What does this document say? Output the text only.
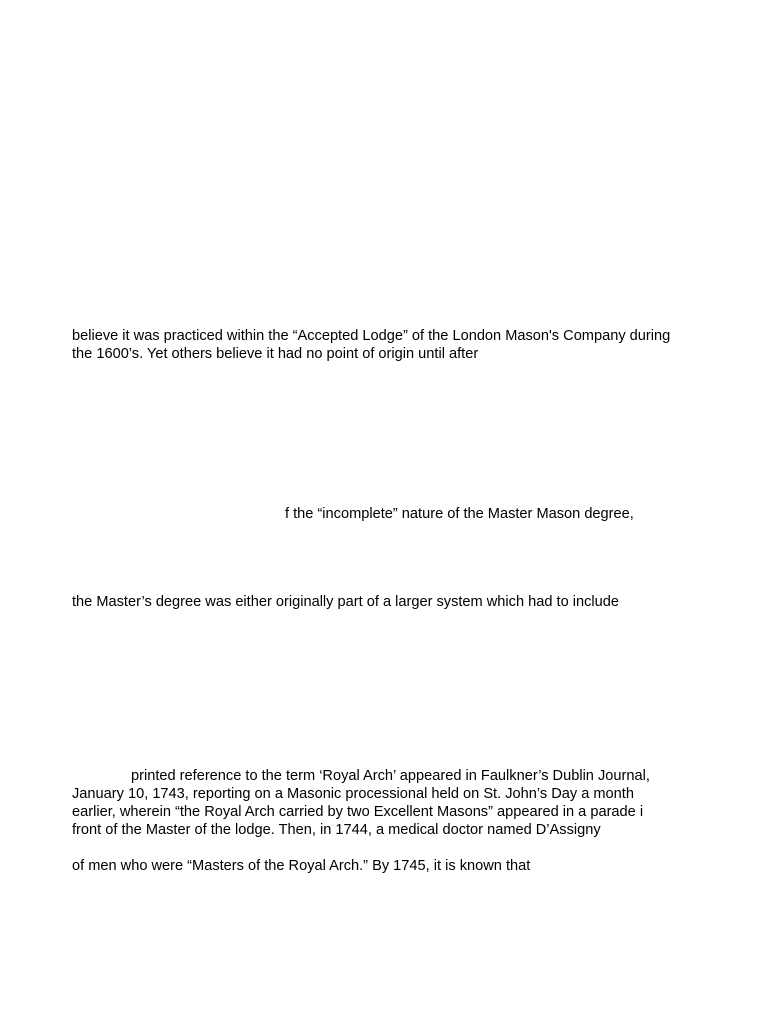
believe it was practiced within the “Accepted Lodge” of the London Mason's Company during

the 1600’s. Yet others believe it had no point of origin until after

f the “incomplete” nature of the Master Mason degree,

the Master’s degree was either originally part of a larger system which had to include

printed reference to the term ‘Royal Arch’ appeared in Faulkner’s Dublin Journal,

January 10, 1743, reporting on a Masonic processional held on St. John’s Day a month

earlier, wherein “the Royal Arch carried by two Excellent Masons” appeared in a parade i

front of the Master of the lodge. Then, in 1744, a medical doctor named D’Assigny

of men who were “Masters of the Royal Arch.” By 1745, it is known that
